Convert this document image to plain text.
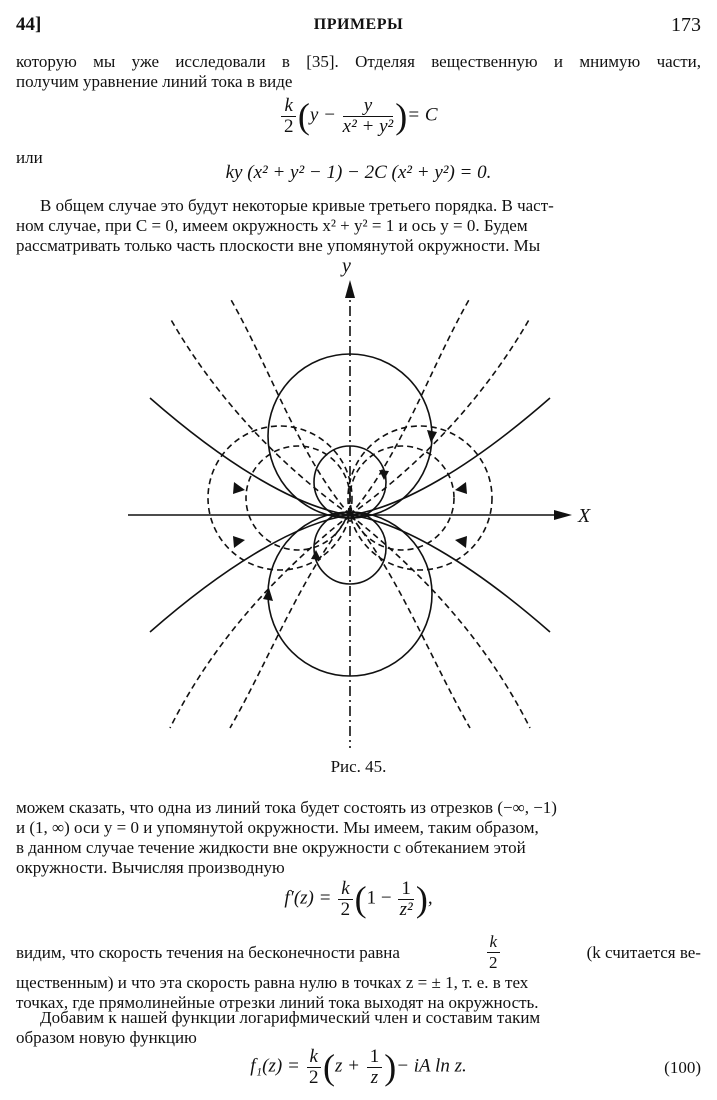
44]	ПРИМЕРЫ	173
которую мы уже исследовали в [35]. Отделяя вещественную и мнимую части,
получим уравнение линий тока в виде
$\frac{k}{2} (y - \frac{y}{\text{x² + y²}}$ )= C
или
ky (x² + y² − 1) − 2C (x² + y²) = 0.
В общем случае это будут некоторые кривые третьего порядка. В част-
ном случае, при C = 0, имеем окружность x² + y² = 1 и ось y = 0. Будем
рассматривать только часть плоскости вне упомянутой окружности. Мы
y
X
Рис. 45.
можем сказать, что одна из линий тока будет состоять из отрезков (−∞, −1)
и (1, ∞) оси y = 0 и упомянутой окружности. Мы имеем, таким образом,
в данном случае течение жидкости вне окружности с обтеканием этой
окружности. Вычисляя производную
$f'(z) = \frac{k}{2} (1 - \frac{1}{\text{z²}}$ ),
видим, что скорость течения на бесконечности равна	$\frac{k}{2}$	(k считается ве-
щественным) и что эта скорость равна нулю в точках z = ± 1, т. е. в тех
точках, где прямолинейные отрезки линий тока выходят на окружность.
Добавим к нашей функции логарифмический член и составим таким
образом новую функцию
$f_1(z) = \frac{k}{2} (z + \frac{1}{z}$ )− iA ln z.	(100)
